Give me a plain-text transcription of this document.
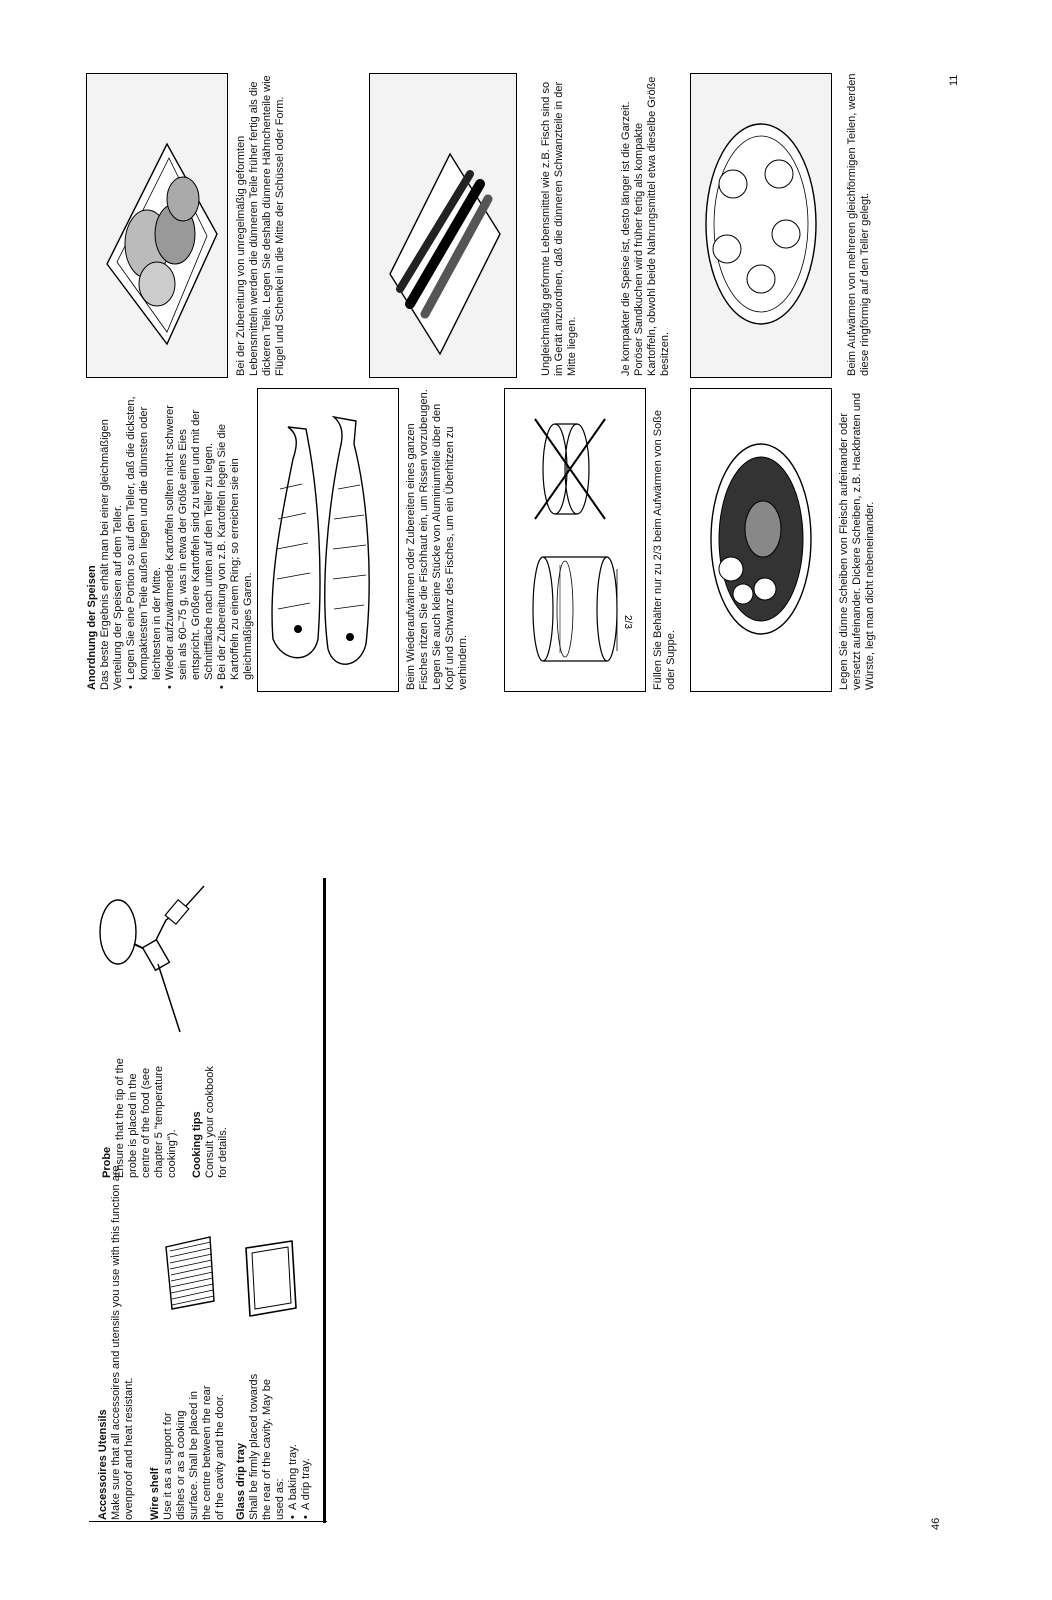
46
11
Accessoires Utensils Make sure that all accessoires and utensils you use with this function are ovenproof and heat resistant. Wire shelf Use it as a support for dishes or as a cooking surface. Shall be placed in the centre between the rear of the cavity and the door. Glass drip tray Shall be firmly placed towards the rear of the cavity. May be used as: • A baking tray. • A drip tray.
Probe Ensure that the tip of the probe is placed in the centre of the food (see chapter 5 "temperature cooking"). Cooking tips Consult your cookbook for details.

Anordnung der Speisen Das beste Ergebnis erhält man bei einer gleichmäßigen Verteilung der Speisen auf dem Teller. • Legen Sie eine Portion so auf den Teller, daß die dicksten, kompaktesten Teile außen liegen und die dünnsten oder leichtesten in der Mitte. • Wieder aufzuwärmende Kartoffeln sollten nicht schwerer sein als 60–75 g, was in etwa der Größe eines Eies entspricht. Größere Kartoffeln sind zu teilen und mit der Schnittfläche nach unten auf den Teller zu legen. • Bei der Zubereitung von z.B. Kartoffeln legen Sie die Kartoffeln zu einem Ring; so erreichen sie ein gleichmäßiges Garen.	Beim Wiederaufwärmen oder Zubereiten eines ganzen Fisches ritzen Sie die Fischhaut ein, um Rissen vorzubeugen. Legen Sie auch kleine Stücke von Aluminiumfolie über den Kopf und Schwanz des Fisches, um ein Überhitzen zu verhindern.

2/3 Füllen Sie Behälter nur zu 2/3 beim Aufwärmen von Soße oder Suppe.	Legen Sie dünne Scheiben von Fleisch aufeinander oder versetzt aufeinander. Dickere Scheiben, z.B. Hackbraten und Würste, legt man dicht nebeneinander.

Bei der Zubereitung von unregelmäßig geformten Lebensmitteln werden die dünneren Teile früher fertig als die dickeren Teile. Legen Sie deshalb dünnere Hähnchenteile wie Flügel und Schenkel in die Mitte der Schüssel oder Form.	Ungleichmäßig geformte Lebensmittel wie z.B. Fisch sind so im Gerät anzuordnen, daß die dünneren Schwanzteile in der Mitte liegen.	Je kompakter die Speise ist, desto länger ist die Garzeit. Poröser Sandkuchen wird früher fertig als kompakte Kartoffeln, obwohl beide Nahrungsmittel etwa dieselbe Größe besitzen.	Beim Aufwärmen von mehreren gleichförmigen Teilen, werden diese ringförmig auf den Teller gelegt.
